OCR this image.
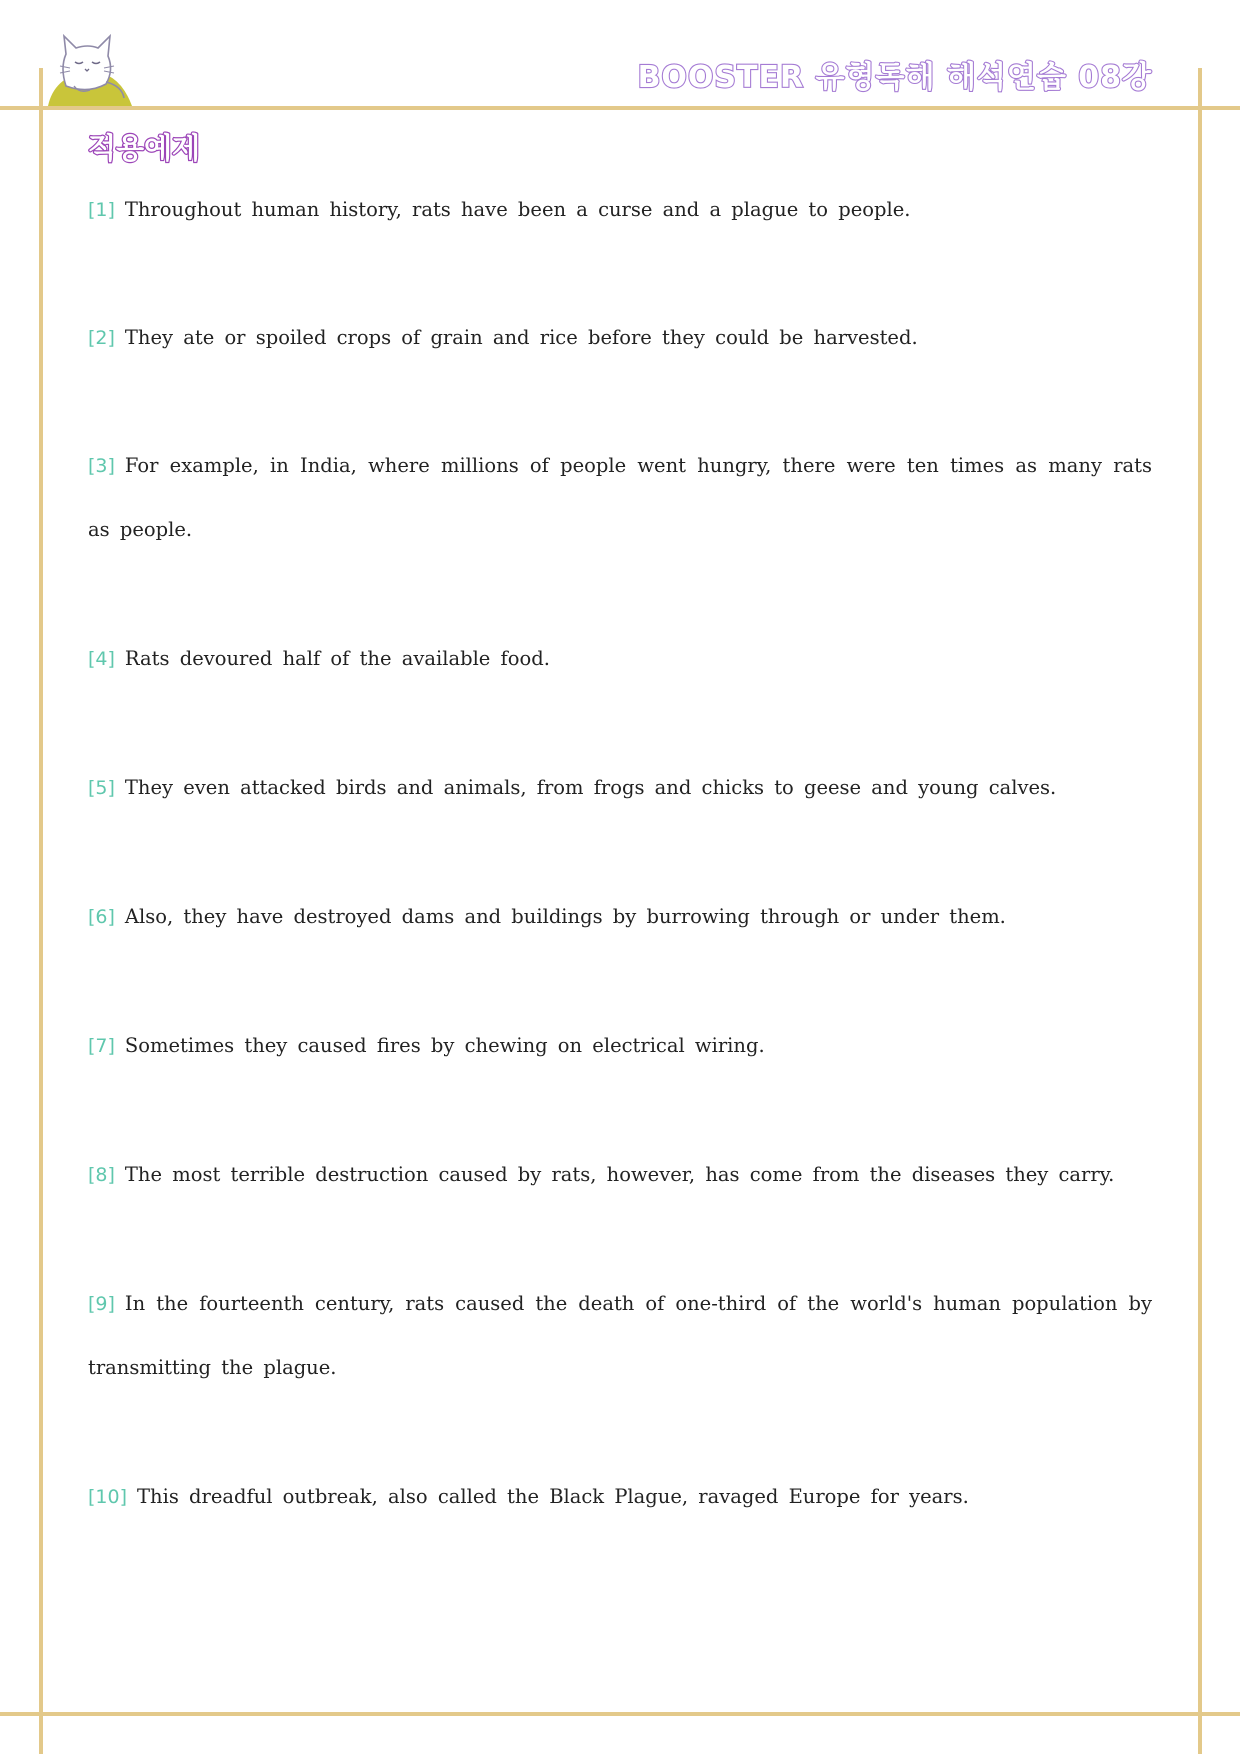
BOOSTER 유형독해 해석연습 08강
적용예제
[1] Throughout human history, rats have been a curse and a plague to people.
[2] They ate or spoiled crops of grain and rice before they could be harvested.
[3] For example, in India, where millions of people went hungry, there were ten times as many rats as people.
[4] Rats devoured half of the available food.
[5] They even attacked birds and animals, from frogs and chicks to geese and young calves.
[6] Also, they have destroyed dams and buildings by burrowing through or under them.
[7] Sometimes they caused fires by chewing on electrical wiring.
[8] The most terrible destruction caused by rats, however, has come from the diseases they carry.
[9] In the fourteenth century, rats caused the death of one-third of the world's human population by transmitting the plague.
[10] This dreadful outbreak, also called the Black Plague, ravaged Europe for years.
